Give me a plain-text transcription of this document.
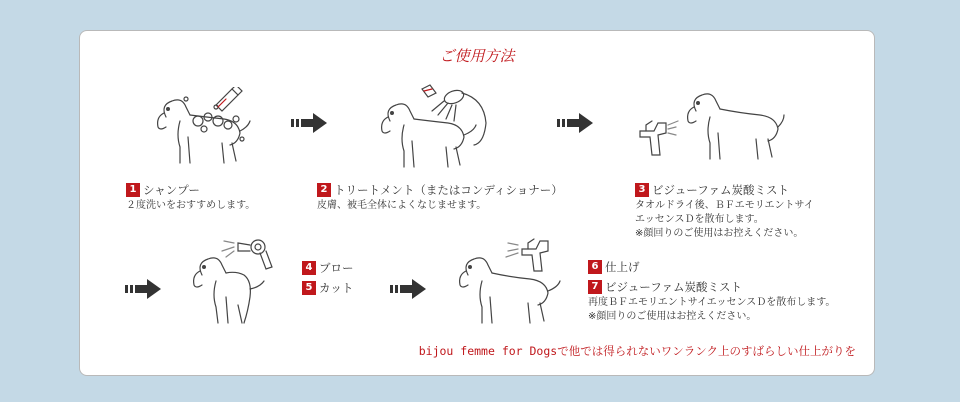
ご使用方法
1 シャンプー
２度洗いをおすすめします。
2 トリートメント（またはコンディショナー）
皮膚、被毛全体によくなじませます。
3 ビジューファム炭酸ミスト
タオルドライ後、ＢＦエモリエントサイ
エッセンスＤを散布します。
※顔回りのご使用はお控えください。
4 ブロー
5 カット
6 仕上げ
7 ビジューファム炭酸ミスト
再度ＢＦエモリエントサイエッセンスＤを散布します。
※顔回りのご使用はお控えください。
bijou femme for Dogsで他では得られないワンランク上のすばらしい仕上がりを
